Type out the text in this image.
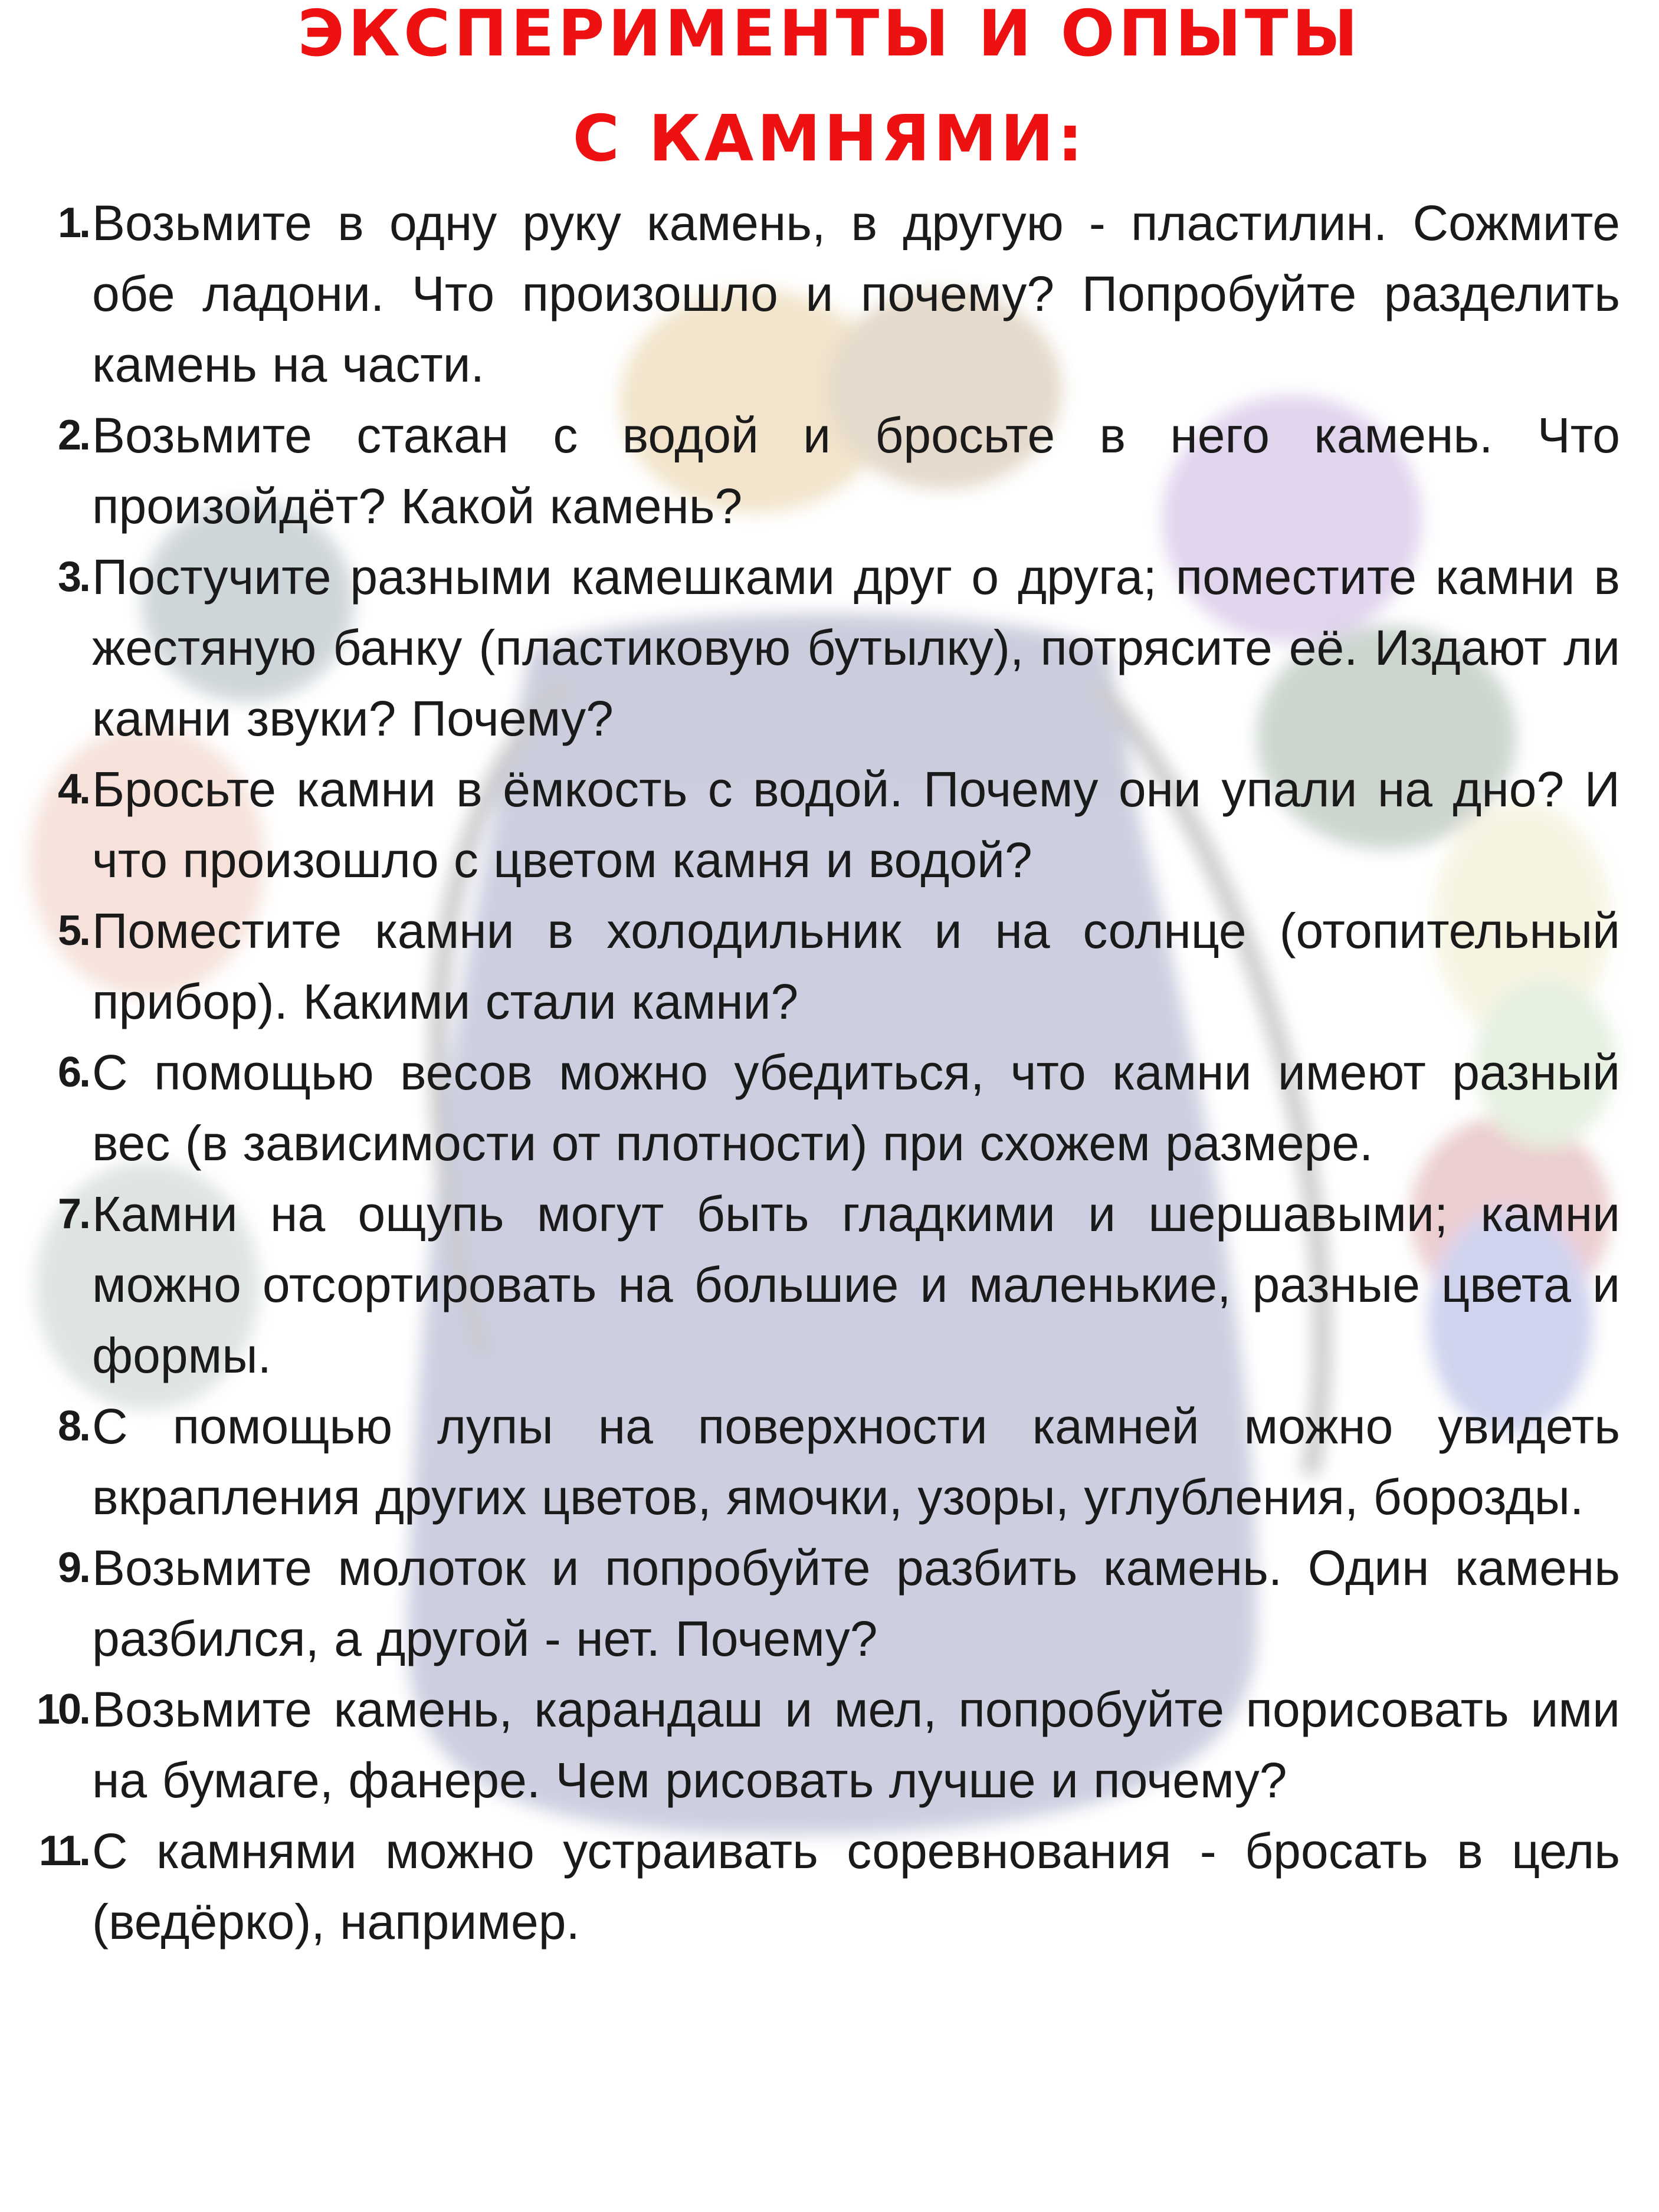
ЭКСПЕРИМЕНТЫ И ОПЫТЫ
С КАМНЯМИ:
1. Возьмите в одну руку камень, в другую - пластилин. Сожмите обе ладони. Что произошло и почему? Попробуйте разделить камень на части.
2. Возьмите стакан с водой и бросьте в него камень. Что произойдёт? Какой камень?
3. Постучите разными камешками друг о друга; поместите камни в жестяную банку (пластиковую бутылку), потрясите её. Издают ли камни звуки? Почему?
4. Бросьте камни в ёмкость с водой. Почему они упали на дно? И что произошло с цветом камня и водой?
5. Поместите камни в холодильник и на солнце (отопительный прибор). Какими стали камни?
6. С помощью весов можно убедиться, что камни имеют разный вес (в зависимости от плотности) при схожем размере.
7. Камни на ощупь могут быть гладкими и шершавыми; камни можно отсортировать на большие и маленькие, разные цвета и формы.
8. С помощью лупы на поверхности камней можно увидеть вкрапления других цветов, ямочки, узоры, углубления, борозды.
9. Возьмите молоток и попробуйте разбить камень. Один камень разбился, а другой - нет. Почему?
10. Возьмите камень, карандаш и мел, попробуйте порисовать ими на бумаге, фанере. Чем рисовать лучше и почему?
11. С камнями можно устраивать соревнования - бросать в цель (ведёрко), например.
